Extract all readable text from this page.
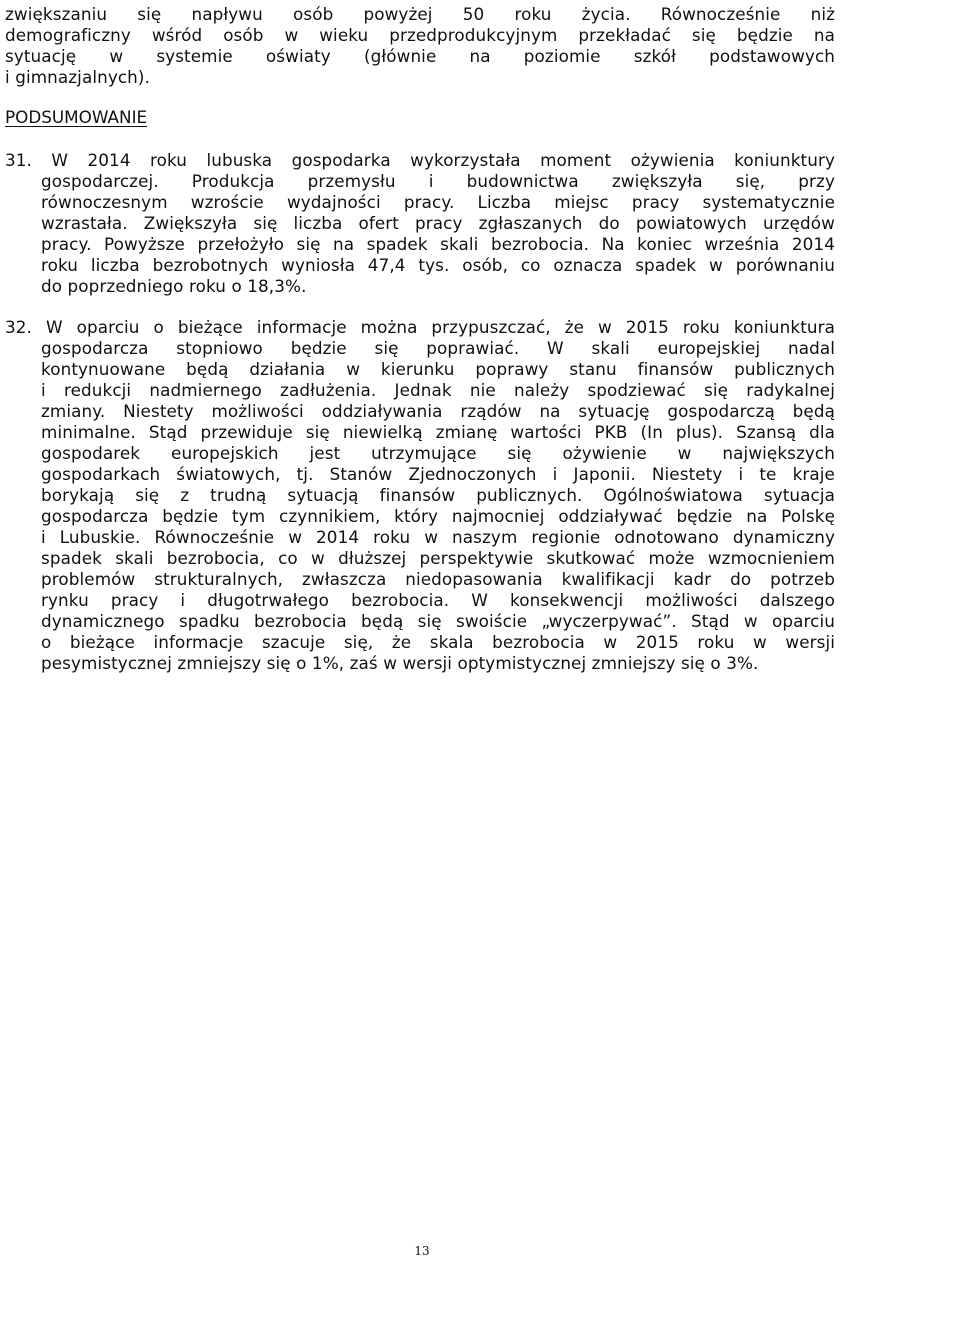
zwiększaniu się napływu osób powyżej 50 roku życia. Równocześnie niż
demograficzny wśród osób w wieku przedprodukcyjnym przekładać się będzie na
sytuację w systemie oświaty (głównie na poziomie szkół podstawowych
i gimnazjalnych).
PODSUMOWANIE
31. W 2014 roku lubuska gospodarka wykorzystała moment ożywienia koniunktury
gospodarczej. Produkcja przemysłu i budownictwa zwiększyła się, przy
równoczesnym wzroście wydajności pracy. Liczba miejsc pracy systematycznie
wzrastała. Zwiększyła się liczba ofert pracy zgłaszanych do powiatowych urzędów
pracy. Powyższe przełożyło się na spadek skali bezrobocia. Na koniec września 2014
roku liczba bezrobotnych wyniosła 47,4 tys. osób, co oznacza spadek w porównaniu
do poprzedniego roku o 18,3%.
32. W oparciu o bieżące informacje można przypuszczać, że w 2015 roku koniunktura
gospodarcza stopniowo będzie się poprawiać. W skali europejskiej nadal
kontynuowane będą działania w kierunku poprawy stanu finansów publicznych
i redukcji nadmiernego zadłużenia. Jednak nie należy spodziewać się radykalnej
zmiany. Niestety możliwości oddziaływania rządów na sytuację gospodarczą będą
minimalne. Stąd przewiduje się niewielką zmianę wartości PKB (In plus). Szansą dla
gospodarek europejskich jest utrzymujące się ożywienie w największych
gospodarkach światowych, tj. Stanów Zjednoczonych i Japonii. Niestety i te kraje
borykają się z trudną sytuacją finansów publicznych. Ogólnoświatowa sytuacja
gospodarcza będzie tym czynnikiem, który najmocniej oddziaływać będzie na Polskę
i Lubuskie. Równocześnie w 2014 roku w naszym regionie odnotowano dynamiczny
spadek skali bezrobocia, co w dłuższej perspektywie skutkować może wzmocnieniem
problemów strukturalnych, zwłaszcza niedopasowania kwalifikacji kadr do potrzeb
rynku pracy i długotrwałego bezrobocia. W konsekwencji możliwości dalszego
dynamicznego spadku bezrobocia będą się swoiście „wyczerpywać”. Stąd w oparciu
o bieżące informacje szacuje się, że skala bezrobocia w 2015 roku w wersji
pesymistycznej zmniejszy się o 1%, zaś w wersji optymistycznej zmniejszy się o 3%.
13
